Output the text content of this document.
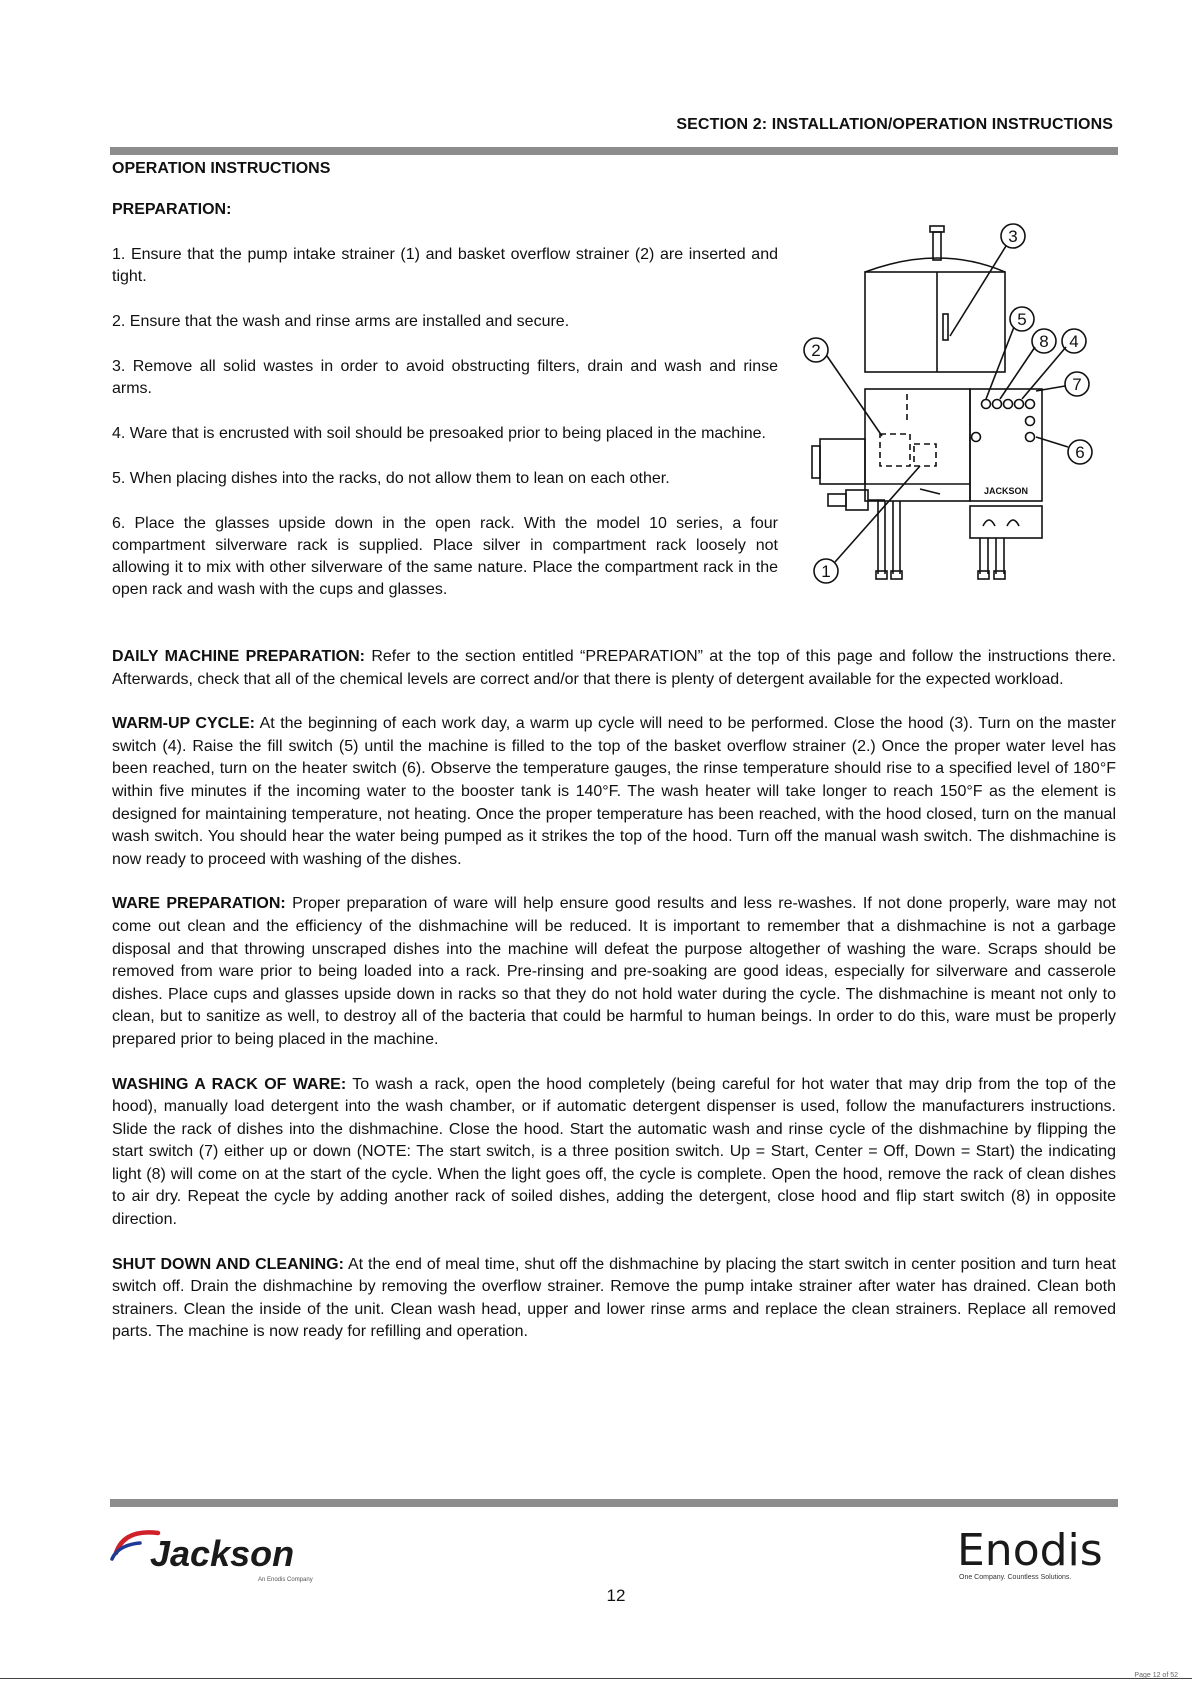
SECTION 2: INSTALLATION/OPERATION INSTRUCTIONS
OPERATION INSTRUCTIONS
PREPARATION:
1. Ensure that the pump intake strainer (1) and basket overflow strainer (2) are inserted and tight.
2. Ensure that the wash and rinse arms are installed and secure.
3. Remove all solid wastes in order to avoid obstructing filters, drain and wash and rinse arms.
4. Ware that is encrusted with soil should be presoaked prior to being placed in the machine.
5. When placing dishes into the racks, do not allow them to lean on each other.
6. Place the glasses upside down in the open rack. With the model 10 series, a four compartment silverware rack is supplied. Place silver in compartment rack loosely not allowing it to mix with other silverware of the same nature. Place the compartment rack in the open rack and wash with the cups and glasses.
3
5
8 4
7
6
2
1
JACKSON

DAILY MACHINE PREPARATION: Refer to the section entitled “PREPARATION” at the top of this page and follow the instructions there. Afterwards, check that all of the chemical levels are correct and/or that there is plenty of detergent available for the expected workload.

WARM-UP CYCLE: At the beginning of each work day, a warm up cycle will need to be performed. Close the hood (3). Turn on the master switch (4). Raise the fill switch (5) until the machine is filled to the top of the basket overflow strainer (2.) Once the proper water level has been reached, turn on the heater switch (6). Observe the temperature gauges, the rinse temperature should rise to a specified level of 180°F within five minutes if the incoming water to the booster tank is 140°F. The wash heater will take longer to reach 150°F as the element is designed for maintaining temperature, not heating. Once the proper temperature has been reached, with the hood closed, turn on the manual wash switch. You should hear the water being pumped as it strikes the top of the hood. Turn off the manual wash switch. The dishmachine is now ready to proceed with washing of the dishes.

WARE PREPARATION: Proper preparation of ware will help ensure good results and less re-washes. If not done properly, ware may not come out clean and the efficiency of the dishmachine will be reduced. It is important to remember that a dishmachine is not a garbage disposal and that throwing unscraped dishes into the machine will defeat the purpose altogether of washing the ware. Scraps should be removed from ware prior to being loaded into a rack. Pre-rinsing and pre-soaking are good ideas, especially for silverware and casserole dishes. Place cups and glasses upside down in racks so that they do not hold water during the cycle. The dishmachine is meant not only to clean, but to sanitize as well, to destroy all of the bacteria that could be harmful to human beings. In order to do this, ware must be properly prepared prior to being placed in the machine.

WASHING A RACK OF WARE: To wash a rack, open the hood completely (being careful for hot water that may drip from the top of the hood), manually load detergent into the wash chamber, or if automatic detergent dispenser is used, follow the manufacturers instructions. Slide the rack of dishes into the dishmachine. Close the hood. Start the automatic wash and rinse cycle of the dishmachine by flipping the start switch (7) either up or down (NOTE: The start switch, is a three position switch. Up = Start, Center = Off, Down = Start) the indicating light (8) will come on at the start of the cycle. When the light goes off, the cycle is complete. Open the hood, remove the rack of clean dishes to air dry. Repeat the cycle by adding another rack of soiled dishes, adding the detergent, close hood and flip start switch (8) in opposite direction.

SHUT DOWN AND CLEANING: At the end of meal time, shut off the dishmachine by placing the start switch in center position and turn heat switch off. Drain the dishmachine by removing the overflow strainer. Remove the pump intake strainer after water has drained. Clean both strainers. Clean the inside of the unit. Clean wash head, upper and lower rinse arms and replace the clean strainers. Replace all removed parts. The machine is now ready for refilling and operation.

Jackson
An Enodis Company
Enodis
One Company. Countless Solutions.
12
Page 12 of 52
